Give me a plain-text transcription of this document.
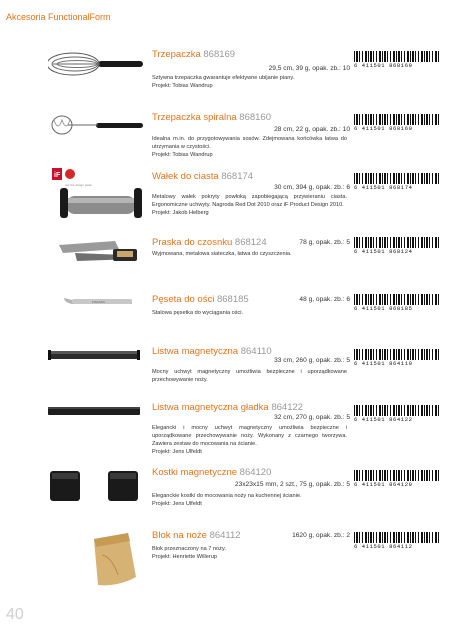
Akcesoria FunctionalForm
Trzepaczka 868169
29,5 cm, 39 g, opak. zb.: 10

Sztywna trzepaczka gwarantuje efektywne ubijanie piany.

Projekt: Tobias Wandrup

6 411501 868169
Trzepaczka spiralna 868160
28 cm, 22 g, opak. zb.: 10

Idealna m.in. do przygotowywania sosów. Zdejmowana końcówka łatwa do utrzymania w czystości.

Projekt: Tobias Wandrup

6 411501 868160
iF
red dot design award
Wałek do ciasta 868174
30 cm, 394 g, opak. zb.: 6

Metalowy wałek pokryty powłoką zapobiegającą przywieraniu ciasta. Ergonomiczne uchwyty. Nagroda Red Dot 2010 oraz iF Product Design 2010.

Projekt: Jakob Helberg

6 411501 868174
Praska do czosnku 868124	78 g, opak. zb.: 5

Wyjmowana, metalowa siateczka, łatwa do czyszczenia.	6 411501 868124
FISKARS	Pęseta do ości 868185	48 g, opak. zb.: 6

Stalowa pęsetka do wyciągania ości.

6 411501 868185
Listwa magnetyczna 864110
33 cm, 260 g, opak. zb.: 5

Mocny uchwyt magnetyczny umożliwia bezpieczne i uporządkowane przechowywanie noży.

6 411501 864110
Listwa magnetyczna gładka 864122
32 cm, 270 g, opak. zb.: 5

Elegancki i mocny uchwyt magnetyczny umożliwia bezpieczne i uporządkowane przechowywanie noży. Wykonany z czarnego tworzywa. Zawiera zestaw do mocowania na ścianie.

Projekt: Jens Ulfeldt

6 411501 864122
Kostki magnetyczne 864120
23x23x15 mm, 2 szt., 75 g, opak. zb.: 5

Eleganckie kostki do mocowania noży na kuchennej ścianie.

Projekt: Jens Ulfeldt

6 411501 864120
Blok na noże 864112	1620 g, opak. zb.: 2

Blok przeznaczony na 7 noży.

Projekt: Henriette Willerup

6 411501 864112
40
